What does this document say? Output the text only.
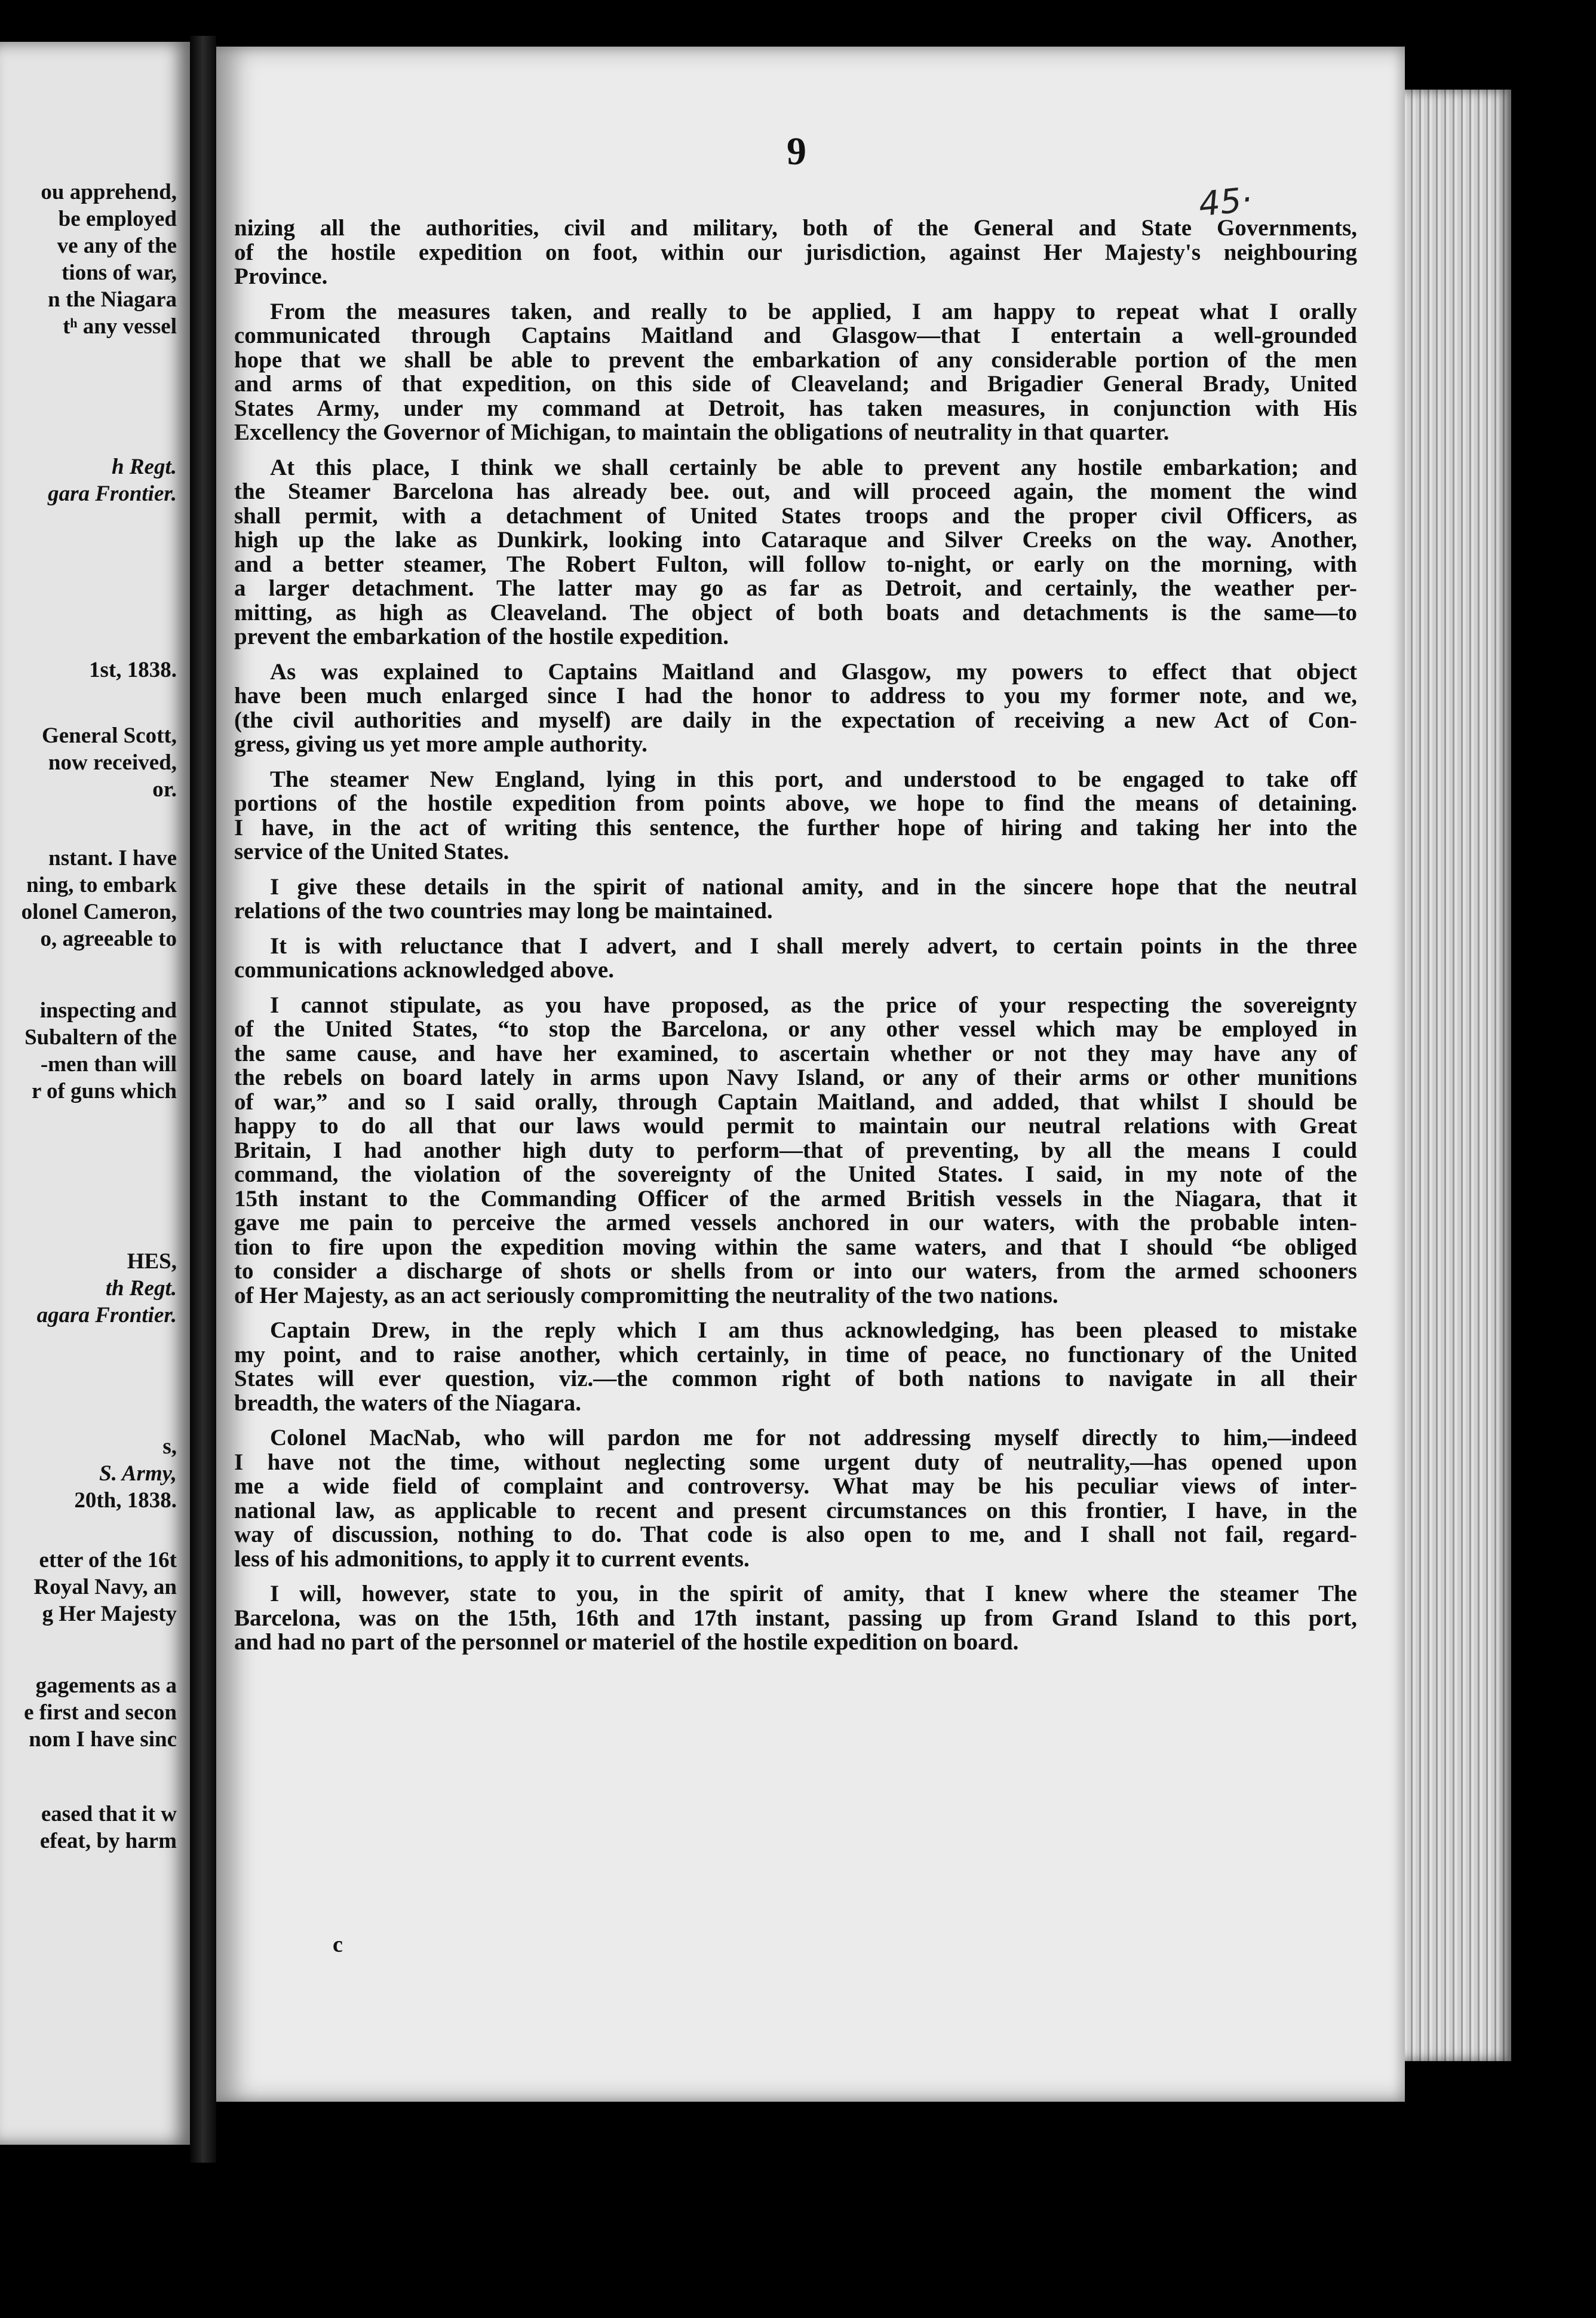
ou apprehend,
be employed
ve any of the
tions of war,
n the Niagara
tʰ any vessel
h Regt.
gara Frontier.
1st, 1838.
General Scott,
now received,
or.
nstant. I have
ning, to embark
olonel Cameron,
o, agreeable to
inspecting and
Subaltern of the
-men than will
r of guns which
HES,
th Regt.
agara Frontier.
s,
S. Army,
20th, 1838.
etter of the 16t
Royal Navy, an
g Her Majesty
gagements as a
e first and secon
nom I have sinc
eased that it w
efeat, by harm
9
45·
nizing all the authorities, civil and military, both of the General and State Governments,
of the hostile expedition on foot, within our jurisdiction, against Her Majesty's neighbouring
Province.
From the measures taken, and really to be applied, I am happy to repeat what I orally
communicated through Captains Maitland and Glasgow—that I entertain a well-grounded
hope that we shall be able to prevent the embarkation of any considerable portion of the men
and arms of that expedition, on this side of Cleaveland; and Brigadier General Brady, United
States Army, under my command at Detroit, has taken measures, in conjunction with His
Excellency the Governor of Michigan, to maintain the obligations of neutrality in that quarter.
At this place, I think we shall certainly be able to prevent any hostile embarkation; and
the Steamer Barcelona has already bee. out, and will proceed again, the moment the wind
shall permit, with a detachment of United States troops and the proper civil Officers, as
high up the lake as Dunkirk, looking into Cataraque and Silver Creeks on the way. Another,
and a better steamer, The Robert Fulton, will follow to-night, or early on the morning, with
a larger detachment. The latter may go as far as Detroit, and certainly, the weather per-
mitting, as high as Cleaveland. The object of both boats and detachments is the same—to
prevent the embarkation of the hostile expedition.
As was explained to Captains Maitland and Glasgow, my powers to effect that object
have been much enlarged since I had the honor to address to you my former note, and we,
(the civil authorities and myself) are daily in the expectation of receiving a new Act of Con-
gress, giving us yet more ample authority.
The steamer New England, lying in this port, and understood to be engaged to take off
portions of the hostile expedition from points above, we hope to find the means of detaining.
I have, in the act of writing this sentence, the further hope of hiring and taking her into the
service of the United States.
I give these details in the spirit of national amity, and in the sincere hope that the neutral
relations of the two countries may long be maintained.
It is with reluctance that I advert, and I shall merely advert, to certain points in the three
communications acknowledged above.
I cannot stipulate, as you have proposed, as the price of your respecting the sovereignty
of the United States, “to stop the Barcelona, or any other vessel which may be employed in
the same cause, and have her examined, to ascertain whether or not they may have any of
the rebels on board lately in arms upon Navy Island, or any of their arms or other munitions
of war,” and so I said orally, through Captain Maitland, and added, that whilst I should be
happy to do all that our laws would permit to maintain our neutral relations with Great
Britain, I had another high duty to perform—that of preventing, by all the means I could
command, the violation of the sovereignty of the United States. I said, in my note of the
15th instant to the Commanding Officer of the armed British vessels in the Niagara, that it
gave me pain to perceive the armed vessels anchored in our waters, with the probable inten-
tion to fire upon the expedition moving within the same waters, and that I should “be obliged
to consider a discharge of shots or shells from or into our waters, from the armed schooners
of Her Majesty, as an act seriously compromitting the neutrality of the two nations.
Captain Drew, in the reply which I am thus acknowledging, has been pleased to mistake
my point, and to raise another, which certainly, in time of peace, no functionary of the United
States will ever question, viz.—the common right of both nations to navigate in all their
breadth, the waters of the Niagara.
Colonel MacNab, who will pardon me for not addressing myself directly to him,—indeed
I have not the time, without neglecting some urgent duty of neutrality,—has opened upon
me a wide field of complaint and controversy. What may be his peculiar views of inter-
national law, as applicable to recent and present circumstances on this frontier, I have, in the
way of discussion, nothing to do. That code is also open to me, and I shall not fail, regard-
less of his admonitions, to apply it to current events.
I will, however, state to you, in the spirit of amity, that I knew where the steamer The
Barcelona, was on the 15th, 16th and 17th instant, passing up from Grand Island to this port,
and had no part of the personnel or materiel of the hostile expedition on board.
c
